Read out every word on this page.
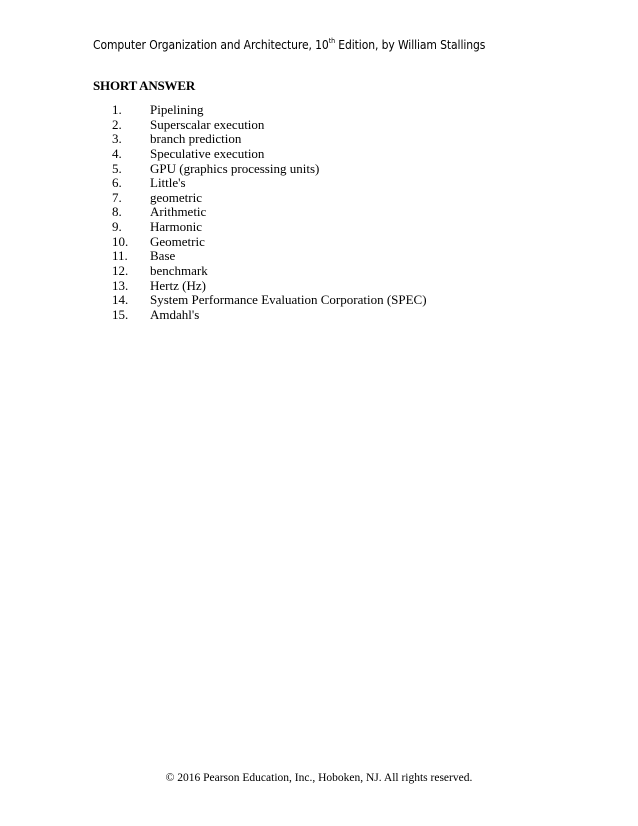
Computer Organization and Architecture, 10th Edition, by William Stallings
SHORT ANSWER
1. Pipelining
2. Superscalar execution
3. branch prediction
4. Speculative execution
5. GPU (graphics processing units)
6. Little's
7. geometric
8. Arithmetic
9. Harmonic
10. Geometric
11. Base
12. benchmark
13. Hertz (Hz)
14. System Performance Evaluation Corporation (SPEC)
15. Amdahl's
© 2016 Pearson Education, Inc., Hoboken, NJ. All rights reserved.
